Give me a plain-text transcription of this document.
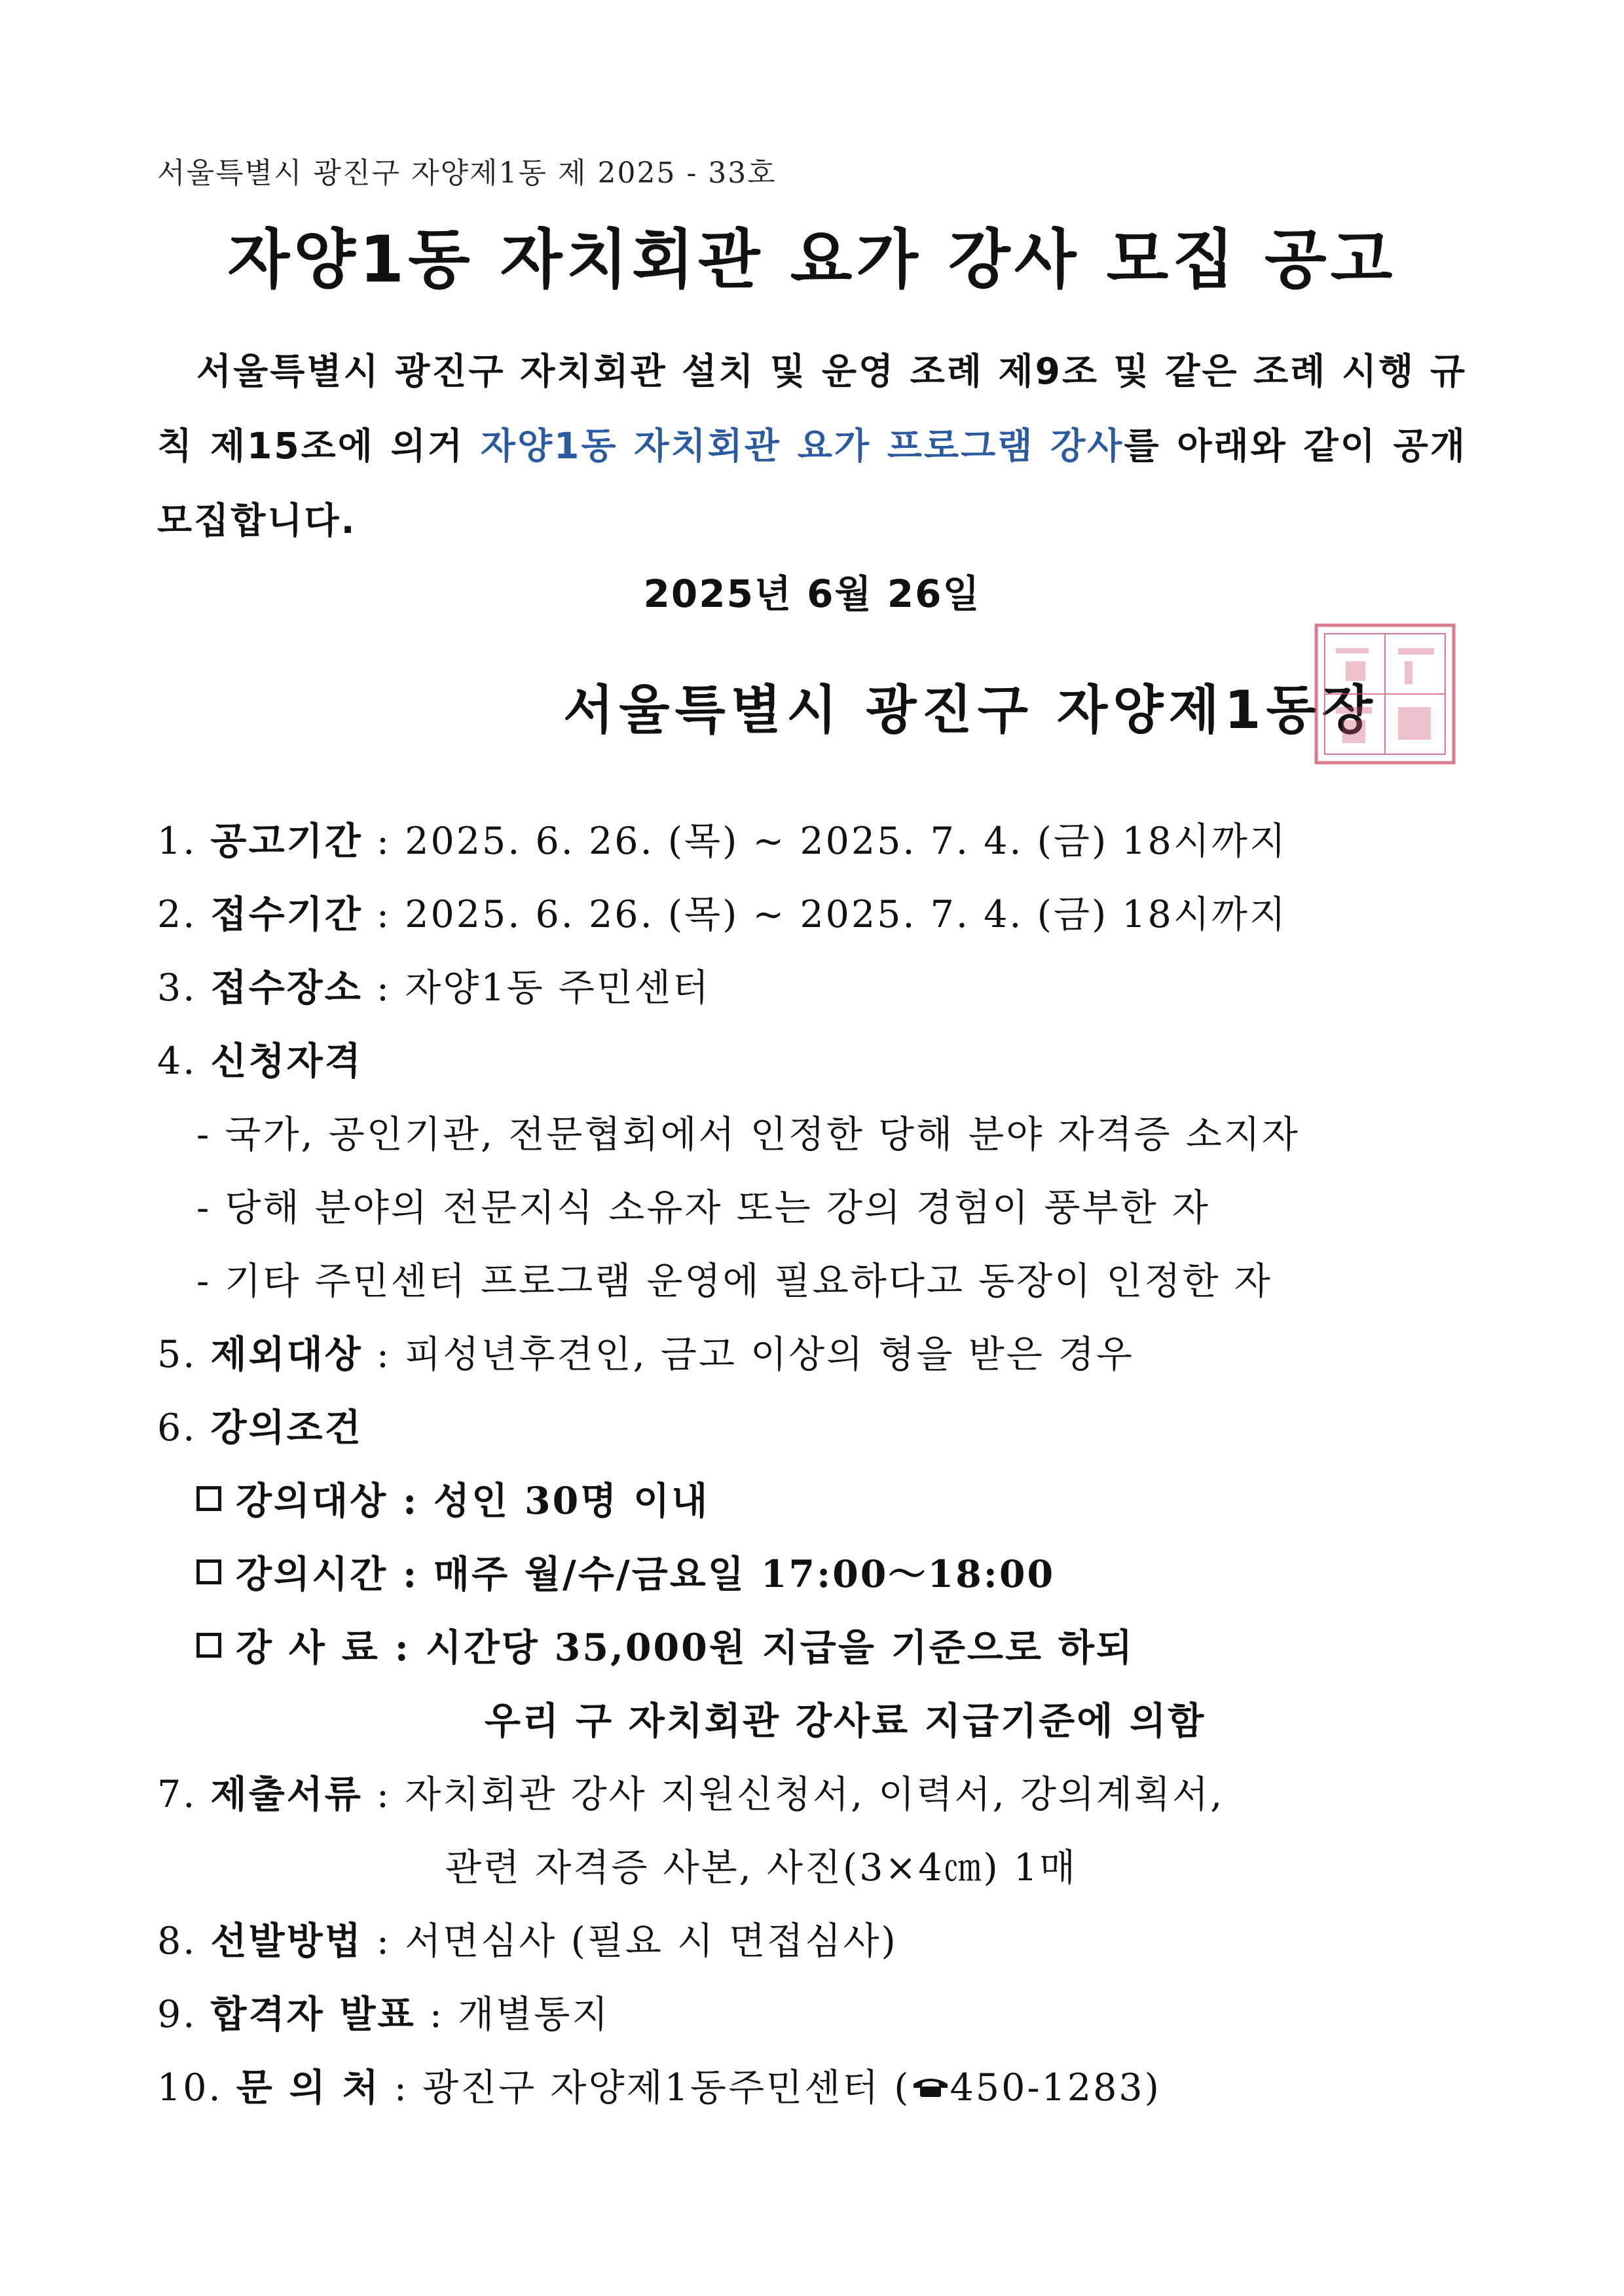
서울특별시 광진구 자양제1동 제 2025 - 33호
자양1동 자치회관 요가 강사 모집 공고
서울특별시 광진구 자치회관 설치 및 운영 조례 제9조 및 같은 조례 시행 규칙 제15조에 의거 자양1동 자치회관 요가 프로그램 강사를 아래와 같이 공개 모집합니다.
2025년 6월 26일
서울특별시 광진구 자양제1동장
1. 공고기간 : 2025. 6. 26. (목) ~ 2025. 7. 4. (금) 18시까지
2. 접수기간 : 2025. 6. 26. (목) ~ 2025. 7. 4. (금) 18시까지
3. 접수장소 : 자양1동 주민센터
4. 신청자격
- 국가, 공인기관, 전문협회에서 인정한 당해 분야 자격증 소지자
- 당해 분야의 전문지식 소유자 또는 강의 경험이 풍부한 자
- 기타 주민센터 프로그램 운영에 필요하다고 동장이 인정한 자
5. 제외대상 : 피성년후견인, 금고 이상의 형을 받은 경우
6. 강의조건
강의대상 : 성인 30명 이내
강의시간 : 매주 월/수/금요일 17:00～18:00
강 사 료 : 시간당 35,000원 지급을 기준으로 하되
우리 구 자치회관 강사료 지급기준에 의함
7. 제출서류 : 자치회관 강사 지원신청서, 이력서, 강의계획서,
관련 자격증 사본, 사진(3×4㎝) 1매
8. 선발방법 : 서면심사 (필요 시 면접심사)
9. 합격자 발표 : 개별통지
10. 문 의 처 : 광진구 자양제1동주민센터 ( 450-1283)
